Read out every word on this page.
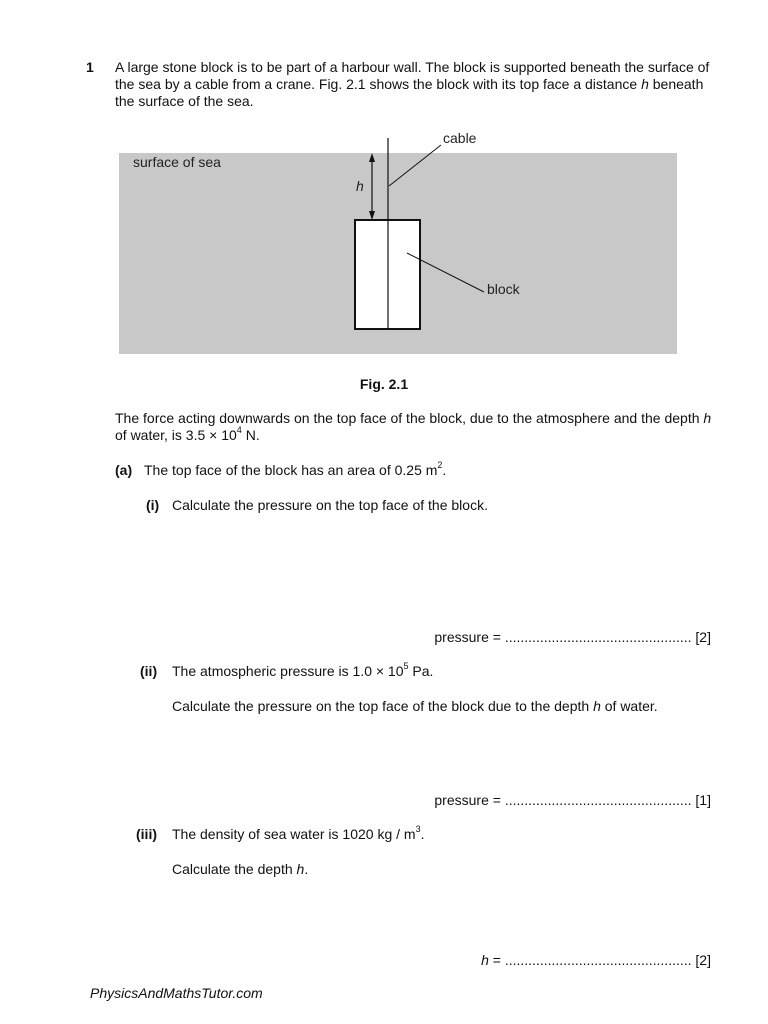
1 A large stone block is to be part of a harbour wall. The block is supported beneath the surface of the sea by a cable from a crane. Fig. 2.1 shows the block with its top face a distance h beneath the surface of the sea.
surface of sea
cable
block
h
Fig. 2.1
The force acting downwards on the top face of the block, due to the atmosphere and the depth h of water, is $3.5 \times 10^4$ N.
(a) The top face of the block has an area of 0.25 $m^2$.
(i) Calculate the pressure on the top face of the block.
pressure = ................................................ [2]
(ii) The atmospheric pressure is $1.0 \times 10^5$ Pa.
Calculate the pressure on the top face of the block due to the depth h of water.
pressure = ................................................ [1]
(iii) The density of sea water is 1020 kg / $m^3$.
Calculate the depth h.
h = ................................................ [2]
PhysicsAndMathsTutor.com
